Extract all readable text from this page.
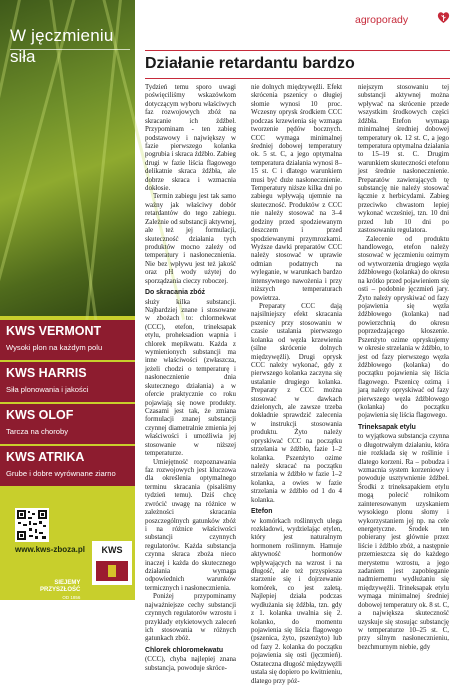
W jęczmieniu
siła
KWS VERMONT
Wysoki plon na każdym polu
KWS HARRIS
Siła plonowania i jakości
KWS OLOF
Tarcza na choroby
KWS ATRIKA
Grube i dobre wyrównane ziarno
www.kws-zboza.pl
SIEJEMY
PRZYSZŁOŚĆ
OD 1856
KWS
agroporady
Działanie retardantu bardzo

Tydzień temu sporo uwagi poświęciliśmy wskazówkom dotyczącym wyboru właściwych faz rozwojowych zbóż na skracanie ich źdźbeł. Przypominam - ten zabieg podstawowy i największy w fazie pierwszego kolanka pogrubia i skraca źdźbło. Zabieg drugi w fazie liścia flagowego delikatnie skraca źdźbła, ale dobrze skraca i wzmacnia dokłosie.

Termin zabiegu jest tak samo ważny jak właściwy dobór retardantów do tego zabiegu. Zależnie od substancji aktywnej, ale też jej formulacji, skuteczność działania tych produktów mocno zależy od temperatury i nasłonecznienia. Nie bez wpływu jest też jakość oraz pH wody użytej do sporządzania cieczy roboczej.

Do skracania zbóż

służy kilka substancji. Najbardziej znane i stosowane w zbożach to: chlormekwat (CCC), etefon, trineksapak etylu, proheksadion wapnia i chlorek mepikwatu. Każda z wymienionych substancji ma inne właściwości (zwłaszcza, jeżeli chodzi o temperaturę i nasłonecznienie dnia skutecznego działania) a w ofercie praktycznie co roku pojawiają się nowe produkty. Czasami jest tak, że zmiana formulacji znanej substancji czynnej diametralnie zmienia jej właściwości i umożliwia jej stosowanie w niższej temperaturze.

Umiejętność rozpoznawania faz rozwojowych jest kluczowa dla określenia optymalnego terminu skracania (pisaliśmy tydzień temu). Dziś chcę zwrócić uwagę na różnice w zależności skracania poszczególnych gatunków zbóż i na różnice właściwości substancji czynnych regulatorów. Każda substancja czynna skraca zboża nieco inaczej i każda do skutecznego działania wymaga odpowiednich warunków termicznych i nasłonecznienia.

Poniżej przypominamy najważniejsze cechy substancji czynnych regulatorów wzrostu i przykłady etykietowych zaleceń ich stosowania w różnych gatunkach zbóż.

Chlorek chloromekwatu

(CCC), chyba najlepiej znana substancja, powoduje skróce-

nie dolnych międzywęźli. Efekt skrócenia pszenicy o długiej słomie wynosi 10 proc. Wczesny oprysk środkiem CCC podczas krzewienia się wzmaga tworzenie pędów bocznych. CCC wymaga minimalnej średniej dobowej temperatury ok. 5 st. C, a jego optymalna temperatura działania wynosi 8–15 st. C i dlatego warunkiem musi być duże nasłonecznienie. Temperatury niższe kilka dni po zabiegu wpływają ujemnie na skuteczność. Produktów z CCC nie należy stosować na 3–4 godziny przed spodziewanym deszczem i przed spodziewanymi przymrozkami. Wyższe dawki preparatów CCC należy stosować w uprawie odmian podatnych na wyleganie, w warunkach bardzo intensywnego nawożenia i przy niższych temperaturach powietrza.

Preparaty CCC dają najsilniejszy efekt skracania pszenicy przy stosowaniu w czasie ustalania pierwszego kolanka od węzła krzewienia (silne skrócenie dolnych międzywęźli). Drugi oprysk CCC należy wykonać, gdy z pierwszego kolanka zaczyna się ustalanie drugiego kolanka. Preparaty z CCC można stosować w dawkach dzielonych, ale zawsze trzeba dokładnie sprawdzić zalecenia w instrukcji stosowania produktu. Żyto należy opryskiwać CCC na początku strzelania w źdźbło, fazie 1–2 kolanka. Pszenżyto ozime należy skracać na początku strzelania w źdźbło w fazie 1–2 kolanka, a owies w fazie strzelania w źdźbło od 1 do 4 kolanka.

Etefon

w komórkach roślinnych ulega rozkładowi, wydzielając etylen, który jest naturalnym hormonem roślinnym. Hamuje aktywność hormonów wpływających na wzrost i na długość, ale też przyspiesza starzenie się i dojrzewanie komórek, co jest zaletą. Najlepiej działa podczas wydłużania się źdźbła, tzn. gdy z 1. kolanka uwalnia się 2. kolanko, do momentu pojawienia się liścia flagowego (pszenica, żyto, pszenżyto) lub od fazy 2. kolanka do początku pojawienia się osti (jęczmień). Ostateczna długość międzywęźli ustala się dopiero po kwitnieniu, dlatego przy póź-

niejszym stosowaniu tej substancji aktywnej można wpływać na skrócenie przede wszystkim środkowych części źdźbła. Etefon wymaga minimalnej średniej dobowej temperatury ok. 12 st. C, a jego temperatura optymalna działania to 15–19 st. C. Drugim warunkiem skuteczności etefonu jest średnie nasłonecznienie. Preparatów zawierających tę substancję nie należy stosować łącznie z herbicydami. Zabieg przeciwko chwastom lepiej wykonać wcześniej, tzn. 10 dni przed lub 10 dni po zastosowaniu regulatora.

Zalecenie od produktu handlowego, etefon należy stosować w jęczmieniu ozimym od wytworzenia drugiego węzła źdźbłowego (kolanka) do okresu na krótko przed pojawieniem się osti – podobnie jęczmień jary. Żyto należy opryskiwać od fazy pojawienia się węzła źdźbłowego (kolanka) nad powierzchnią do okresu poprzedzającego kłoszenie. Pszenżyto ozime opryskujemy w okresie strzelania w źdźbło, to jest od fazy pierwszego węzła źdźbłowego (kolanka) do początku pojawienia się liścia flagowego. Pszenicę ozimą i jarą należy opryskiwać od fazy pierwszego węzła źdźbłowego (kolanka) do początku pojawienia się liścia flagowego.

Trineksapak etylu

to wyjątkowa substancja czynna o długotrwałym działaniu, która nie rozkłada się w roślinie i dlatego korzeni. Ra – pobudza i wzmacnia system korzeniowy i powoduje usztywnienie źdźbeł. Środki z trineksapakiem etylu mogą polecić rolnikom zainteresowanym uzyskaniem wysokiego plonu słomy i wykorzystaniem jej np. na cele energetyczne. Środek ten pobierany jest głównie przez liście i źdźbło zbóż, a następnie przemieszcza się do każdego merystemu wzrostu, a jego zadaniem jest zapobieganie nadmiernemu wydłużaniu się międzywęźli. Trineksapak etylu wymaga minimalnej średniej dobowej temperatury ok. 8 st. C, a największa skuteczność uzyskuje się stosując substancję w temperaturze 10–25 st. C, przy silnym nasłonecznieniu, bezchmurnym niebie, gdy
